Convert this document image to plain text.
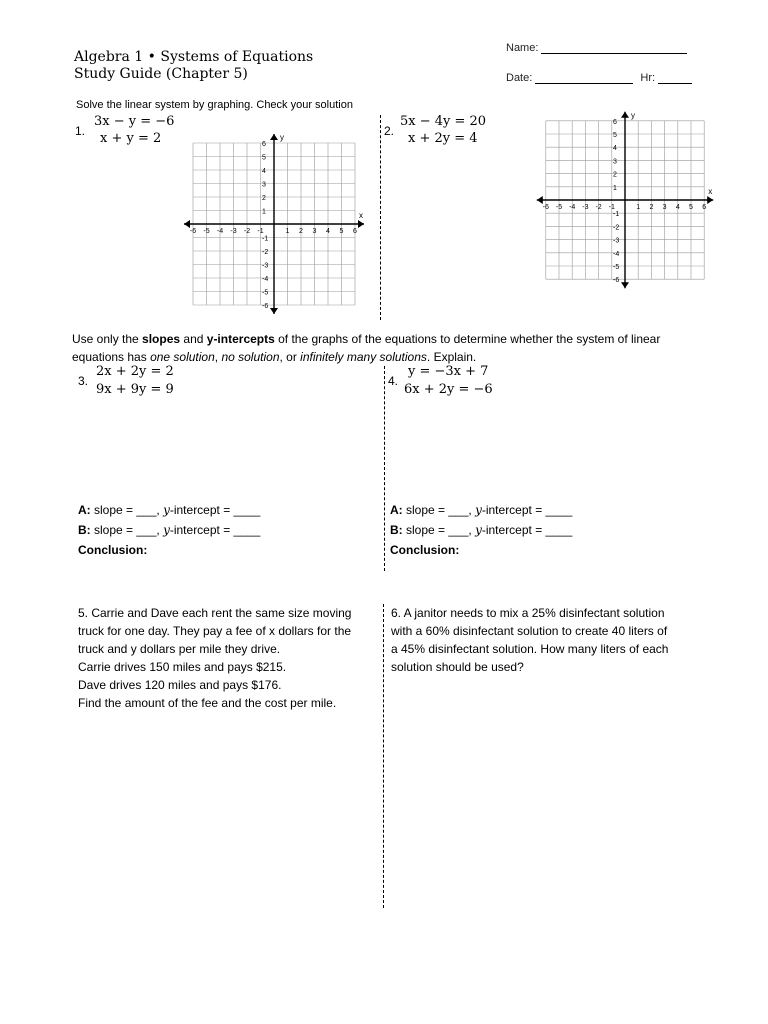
Algebra 1 • Systems of Equations
Study Guide (Chapter 5)
Name:
Date:	Hr:
Solve the linear system by graphing. Check your solution
1.
3x − y = −6
x + y = 2	2.
5x − 4y = 20
x + 2y = 4
x
y
-6 -5 -4 -3 -2 -1	1 2 3 4 5 6
6
5
4
3
2
1
-1
-2
-3
-4
-5
-6
x
y
-6 -5 -4 -3 -2 -1	1 2 3 4 5 6
6
5
4
3
2
1
-1
-2
-3
-4
-5
-6
Use only the slopes and y-intercepts of the graphs of the equations to determine whether the system of linear
equations has one solution, no solution, or infinitely many solutions. Explain.
3.
2x + 2y = 2
9x + 9y = 9
4.
y = −3x + 7
6x + 2y = −6
A: slope = ___, y-intercept = ____
B: slope = ___, y-intercept = ____
Conclusion:
A: slope = ___, y-intercept = ____
B: slope = ___, y-intercept = ____
Conclusion:
5. Carrie and Dave each rent the same size moving
truck for one day. They pay a fee of x dollars for the
truck and y dollars per mile they drive.
Carrie drives 150 miles and pays $215.
Dave drives 120 miles and pays $176.
Find the amount of the fee and the cost per mile.
6. A janitor needs to mix a 25% disinfectant solution
with a 60% disinfectant solution to create 40 liters of
a 45% disinfectant solution. How many liters of each
solution should be used?
